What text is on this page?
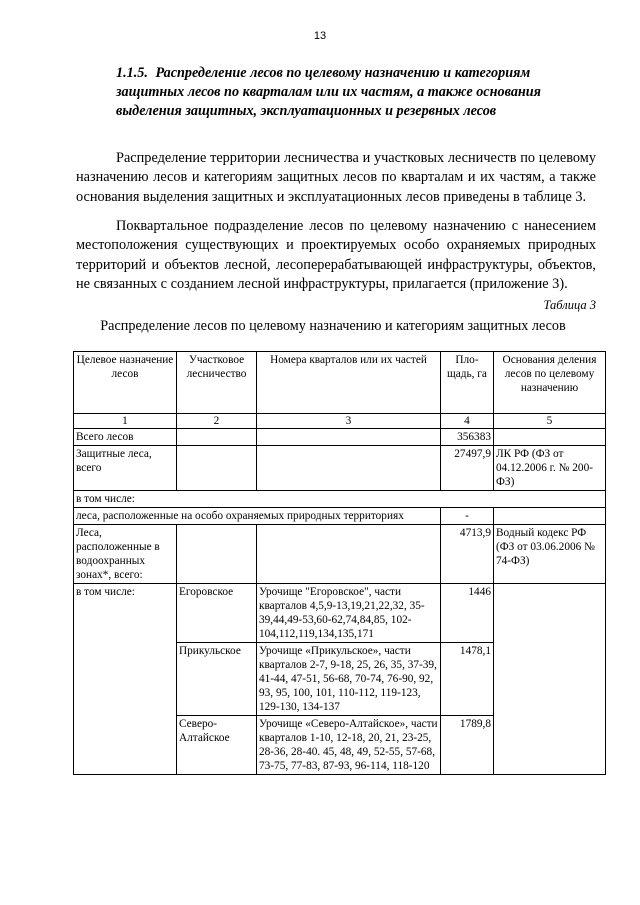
13
1.1.5. Распределение лесов по целевому назначению и категориям защитных лесов по кварталам или их частям, а также основания выделения защитных, эксплуатационных и резервных лесов

Распределение территории лесничества и участковых лесничеств по целевому назначению лесов и категориям защитных лесов по кварталам и их частям, а также основания выделения защитных и эксплуатационных лесов приведены в таблице 3.

Поквартальное подразделение лесов по целевому назначению с нанесением местоположения существующих и проектируемых особо охраняемых природных территорий и объектов лесной, лесоперерабатывающей инфраструктуры, объектов, не связанных с созданием лесной инфраструктуры, прилагается (приложение 3).

Таблица 3
Распределение лесов по целевому назначению и категориям защитных лесов
Целевое назначение лесов	Участковое лесничество	Номера кварталов или их частей	Пло-щадь, га	Основания деления лесов по целевому назначению
1	2	3	4	5
Всего лесов			356383	
Защитные леса, всего			27497,9	ЛК РФ (ФЗ от 04.12.2006 г. № 200-ФЗ)
в том числе:				
леса, расположенные на особо охраняемых природных территориях			-	
Леса, расположенные в водоохранных зонах*, всего:			4713,9	Водный кодекс РФ (ФЗ от 03.06.2006 № 74-ФЗ)
в том числе:	Егоровское	Урочище "Егоровское", части кварталов 4,5,9-13,19,21,22,32, 35-39,44,49-53,60-62,74,84,85, 102-104,112,119,134,135,171	1446	
	Прикульское	Урочище «Прикульское», части кварталов 2-7, 9-18, 25, 26, 35, 37-39, 41-44, 47-51, 56-68, 70-74, 76-90, 92, 93, 95, 100, 101, 110-112, 119-123, 129-130, 134-137	1478,1	
	Северо-Алтайское	Урочище «Северо-Алтайское», части кварталов 1-10, 12-18, 20, 21, 23-25, 28-36, 28-40. 45, 48, 49, 52-55, 57-68, 73-75, 77-83, 87-93, 96-114, 118-120	1789,8	
